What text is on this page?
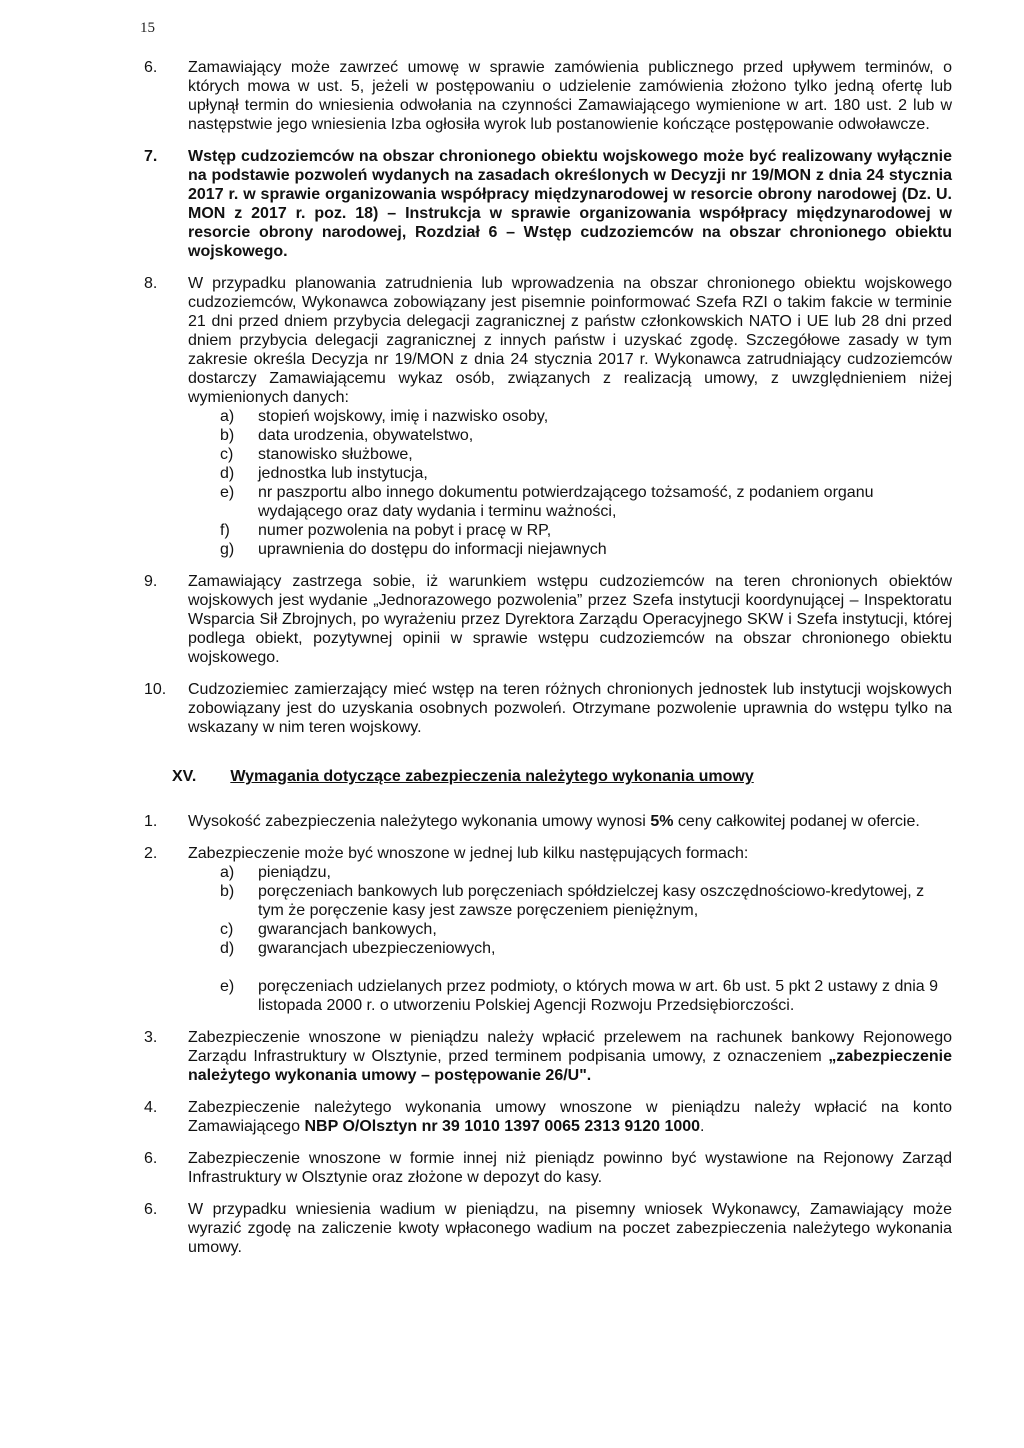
15
6. Zamawiający może zawrzeć umowę w sprawie zamówienia publicznego przed upływem terminów, o których mowa w ust. 5, jeżeli w postępowaniu o udzielenie zamówienia złożono tylko jedną ofertę lub upłynął termin do wniesienia odwołania na czynności Zamawiającego wymienione w art. 180 ust. 2 lub w następstwie jego wniesienia Izba ogłosiła wyrok lub postanowienie kończące postępowanie odwoławcze.

7. Wstęp cudzoziemców na obszar chronionego obiektu wojskowego może być realizowany wyłącznie na podstawie pozwoleń wydanych na zasadach określonych w Decyzji nr 19/MON z dnia 24 stycznia 2017 r. w sprawie organizowania współpracy międzynarodowej w resorcie obrony narodowej (Dz. U. MON z 2017 r. poz. 18) – Instrukcja w sprawie organizowania współpracy międzynarodowej w resorcie obrony narodowej, Rozdział 6 – Wstęp cudzoziemców na obszar chronionego obiektu wojskowego.

8. W przypadku planowania zatrudnienia lub wprowadzenia na obszar chronionego obiektu wojskowego cudzoziemców, Wykonawca zobowiązany jest pisemnie poinformować Szefa RZI o takim fakcie w terminie 21 dni przed dniem przybycia delegacji zagranicznej z państw członkowskich NATO i UE lub 28 dni przed dniem przybycia delegacji zagranicznej z innych państw i uzyskać zgodę. Szczegółowe zasady w tym zakresie określa Decyzja nr 19/MON z dnia 24 stycznia 2017 r. Wykonawca zatrudniający cudzoziemców dostarczy Zamawiającemu wykaz osób, związanych z realizacją umowy, z uwzględnieniem niżej wymienionych danych:

a) stopień wojskowy, imię i nazwisko osoby,
b) data urodzenia, obywatelstwo,
c) stanowisko służbowe,
d) jednostka lub instytucja,
e) nr paszportu albo innego dokumentu potwierdzającego tożsamość, z podaniem organu wydającego oraz daty wydania i terminu ważności,
f) numer pozwolenia na pobyt i pracę w RP,
g) uprawnienia do dostępu do informacji niejawnych
9. Zamawiający zastrzega sobie, iż warunkiem wstępu cudzoziemców na teren chronionych obiektów wojskowych jest wydanie „Jednorazowego pozwolenia” przez Szefa instytucji koordynującej – Inspektoratu Wsparcia Sił Zbrojnych, po wyrażeniu przez Dyrektora Zarządu Operacyjnego SKW i Szefa instytucji, której podlega obiekt, pozytywnej opinii w sprawie wstępu cudzoziemców na obszar chronionego obiektu wojskowego.

10. Cudzoziemiec zamierzający mieć wstęp na teren różnych chronionych jednostek lub instytucji wojskowych zobowiązany jest do uzyskania osobnych pozwoleń. Otrzymane pozwolenie uprawnia do wstępu tylko na wskazany w nim teren wojskowy.

XV. Wymagania dotyczące zabezpieczenia należytego wykonania umowy
1. Wysokość zabezpieczenia należytego wykonania umowy wynosi 5% ceny całkowitej podanej w ofercie.

2. Zabezpieczenie może być wnoszone w jednej lub kilku następujących formach:

a) pieniądzu,
b) poręczeniach bankowych lub poręczeniach spółdzielczej kasy oszczędnościowo-kredytowej, z tym że poręczenie kasy jest zawsze poręczeniem pieniężnym,
c) gwarancjach bankowych,
d) gwarancjach ubezpieczeniowych,
e) poręczeniach udzielanych przez podmioty, o których mowa w art. 6b ust. 5 pkt 2 ustawy z dnia 9 listopada 2000 r. o utworzeniu Polskiej Agencji Rozwoju Przedsiębiorczości.
3. Zabezpieczenie wnoszone w pieniądzu należy wpłacić przelewem na rachunek bankowy Rejonowego Zarządu Infrastruktury w Olsztynie, przed terminem podpisania umowy, z oznaczeniem „zabezpieczenie należytego wykonania umowy – postępowanie 26/U".

4. Zabezpieczenie należytego wykonania umowy wnoszone w pieniądzu należy wpłacić na konto Zamawiającego NBP O/Olsztyn nr 39 1010 1397 0065 2313 9120 1000.

6. Zabezpieczenie wnoszone w formie innej niż pieniądz powinno być wystawione na Rejonowy Zarząd Infrastruktury w Olsztynie oraz złożone w depozyt do kasy.

6. W przypadku wniesienia wadium w pieniądzu, na pisemny wniosek Wykonawcy, Zamawiający może wyrazić zgodę na zaliczenie kwoty wpłaconego wadium na poczet zabezpieczenia należytego wykonania umowy.
